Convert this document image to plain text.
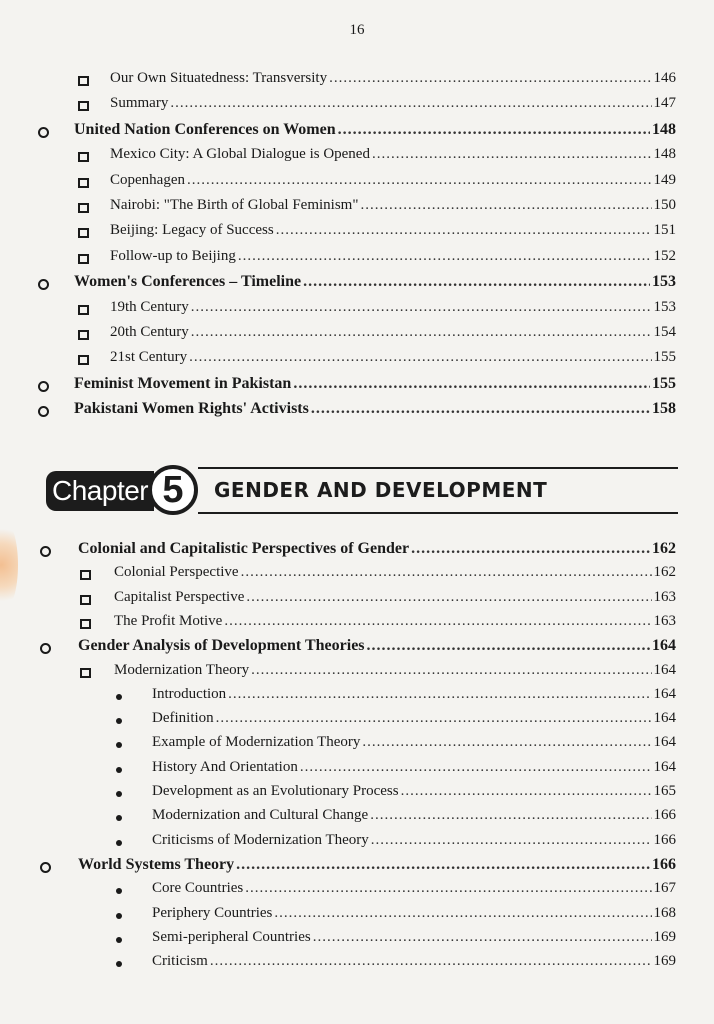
16
Our Own Situatedness: Transversity .....	146
Summary .....	147
United Nation Conferences on Women .....	148
Mexico City: A Global Dialogue is Opened .....	148
Copenhagen .....	149
Nairobi: "The Birth of Global Feminism" .....	150
Beijing: Legacy of Success .....	151
Follow-up to Beijing .....	152
Women's Conferences – Timeline .....	153
19th Century .....	153
20th Century .....	154
21st Century .....	155
Feminist Movement in Pakistan .....	155
Pakistani Women Rights' Activists .....	158
Chapter 5	GENDER AND DEVELOPMENT
Colonial and Capitalistic Perspectives of Gender .....	162
Colonial Perspective .....	162
Capitalist Perspective .....	163
The Profit Motive .....	163
Gender Analysis of Development Theories .....	164
Modernization Theory .....	164
Introduction .....	164
Definition .....	164
Example of Modernization Theory .....	164
History And Orientation .....	164
Development as an Evolutionary Process .....	165
Modernization and Cultural Change .....	166
Criticisms of Modernization Theory .....	166
World Systems Theory .....	166
Core Countries .....	167
Periphery Countries .....	168
Semi-peripheral Countries .....	169
Criticism .....	169
